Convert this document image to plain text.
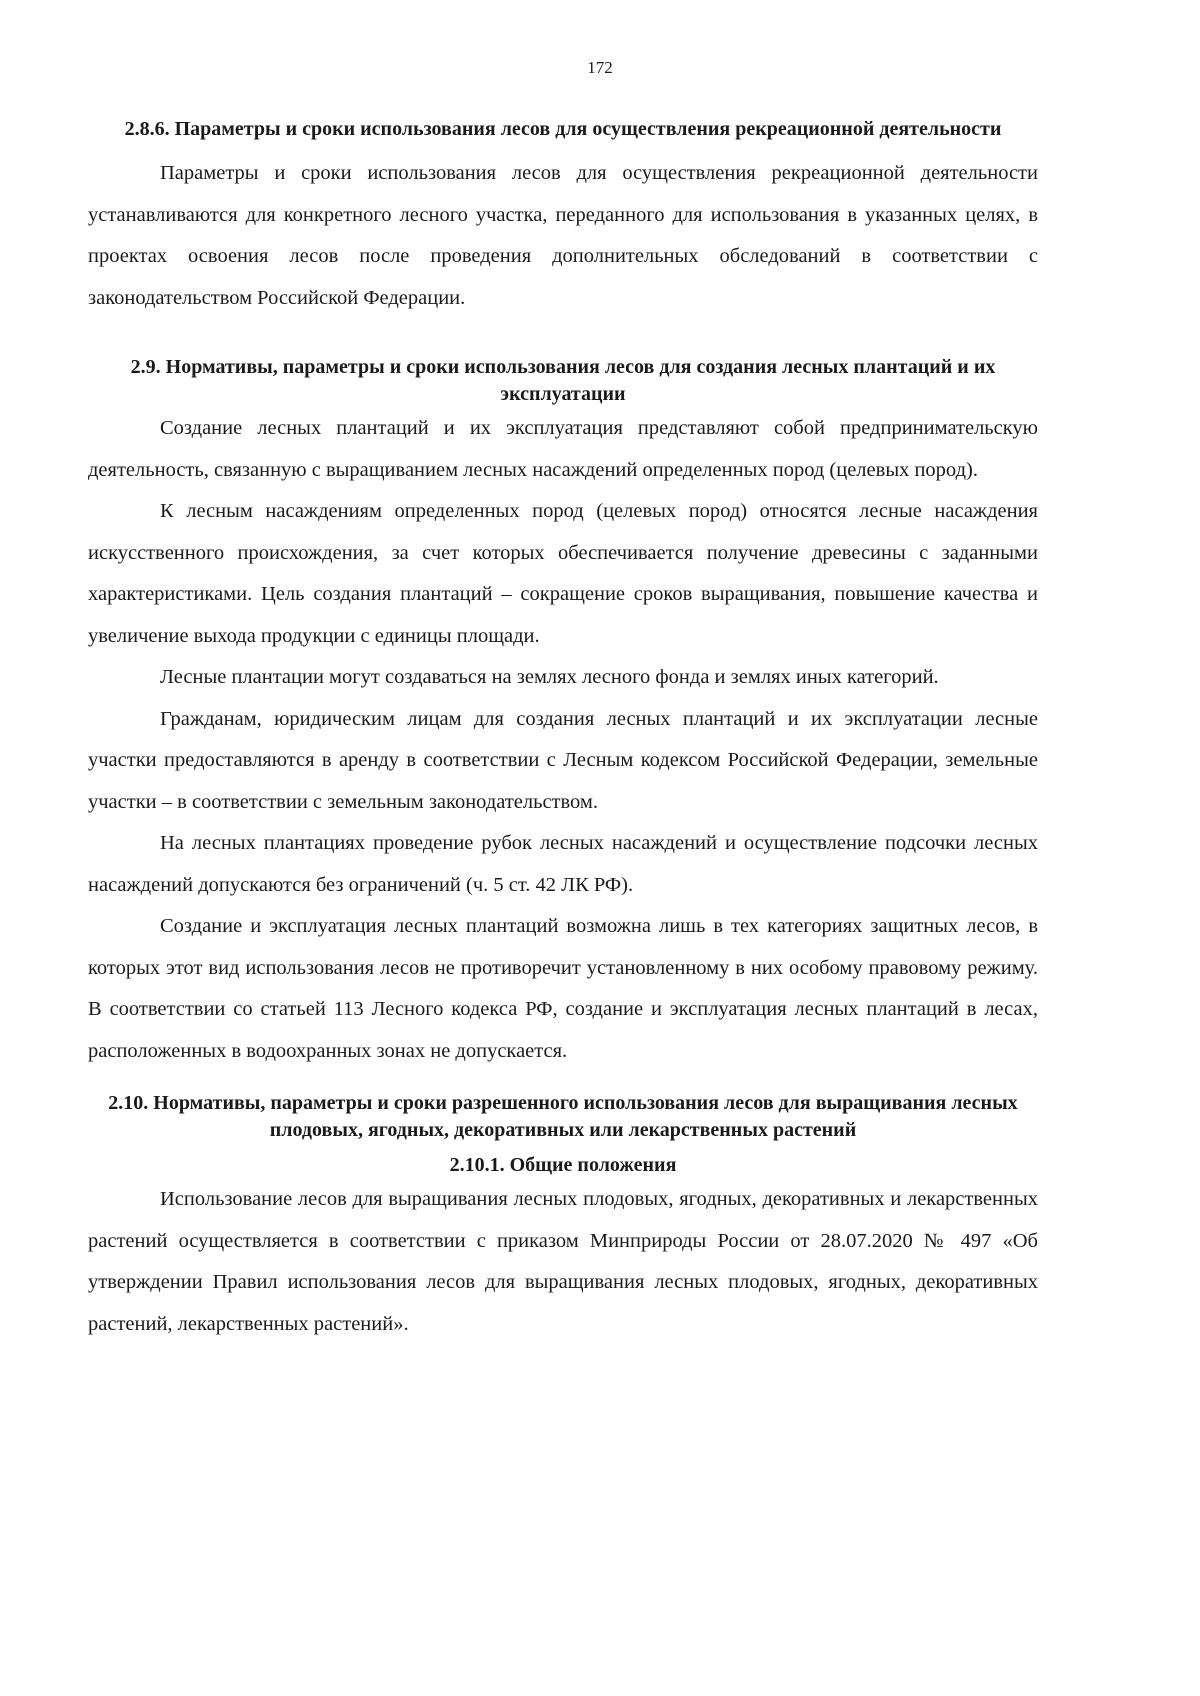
172
2.8.6. Параметры и сроки использования лесов для осуществления рекреационной деятельности

Параметры и сроки использования лесов для осуществления рекреационной деятельности устанавливаются для конкретного лесного участка, переданного для использования в указанных целях, в проектах освоения лесов после проведения дополнительных обследований в соответствии с законодательством Российской Федерации.

2.9. Нормативы, параметры и сроки использования лесов для создания лесных плантаций и их эксплуатации

Создание лесных плантаций и их эксплуатация представляют собой предпринимательскую деятельность, связанную с выращиванием лесных насаждений определенных пород (целевых пород).

К лесным насаждениям определенных пород (целевых пород) относятся лесные насаждения искусственного происхождения, за счет которых обеспечивается получение древесины с заданными характеристиками. Цель создания плантаций – сокращение сроков выращивания, повышение качества и увеличение выхода продукции с единицы площади.

Лесные плантации могут создаваться на землях лесного фонда и землях иных категорий.

Гражданам, юридическим лицам для создания лесных плантаций и их эксплуатации лесные участки предоставляются в аренду в соответствии с Лесным кодексом Российской Федерации, земельные участки – в соответствии с земельным законодательством.

На лесных плантациях проведение рубок лесных насаждений и осуществление подсочки лесных насаждений допускаются без ограничений (ч. 5 ст. 42 ЛК РФ).

Создание и эксплуатация лесных плантаций возможна лишь в тех категориях защитных лесов, в которых этот вид использования лесов не противоречит установленному в них особому правовому режиму. В соответствии со статьей 113 Лесного кодекса РФ, создание и эксплуатация лесных плантаций в лесах, расположенных в водоохранных зонах не допускается.

2.10. Нормативы, параметры и сроки разрешенного использования лесов для выращивания лесных плодовых, ягодных, декоративных или лекарственных растений
2.10.1. Общие положения

Использование лесов для выращивания лесных плодовых, ягодных, декоративных и лекарственных растений осуществляется в соответствии с приказом Минприроды России от 28.07.2020 № 497 «Об утверждении Правил использования лесов для выращивания лесных плодовых, ягодных, декоративных растений, лекарственных растений».
